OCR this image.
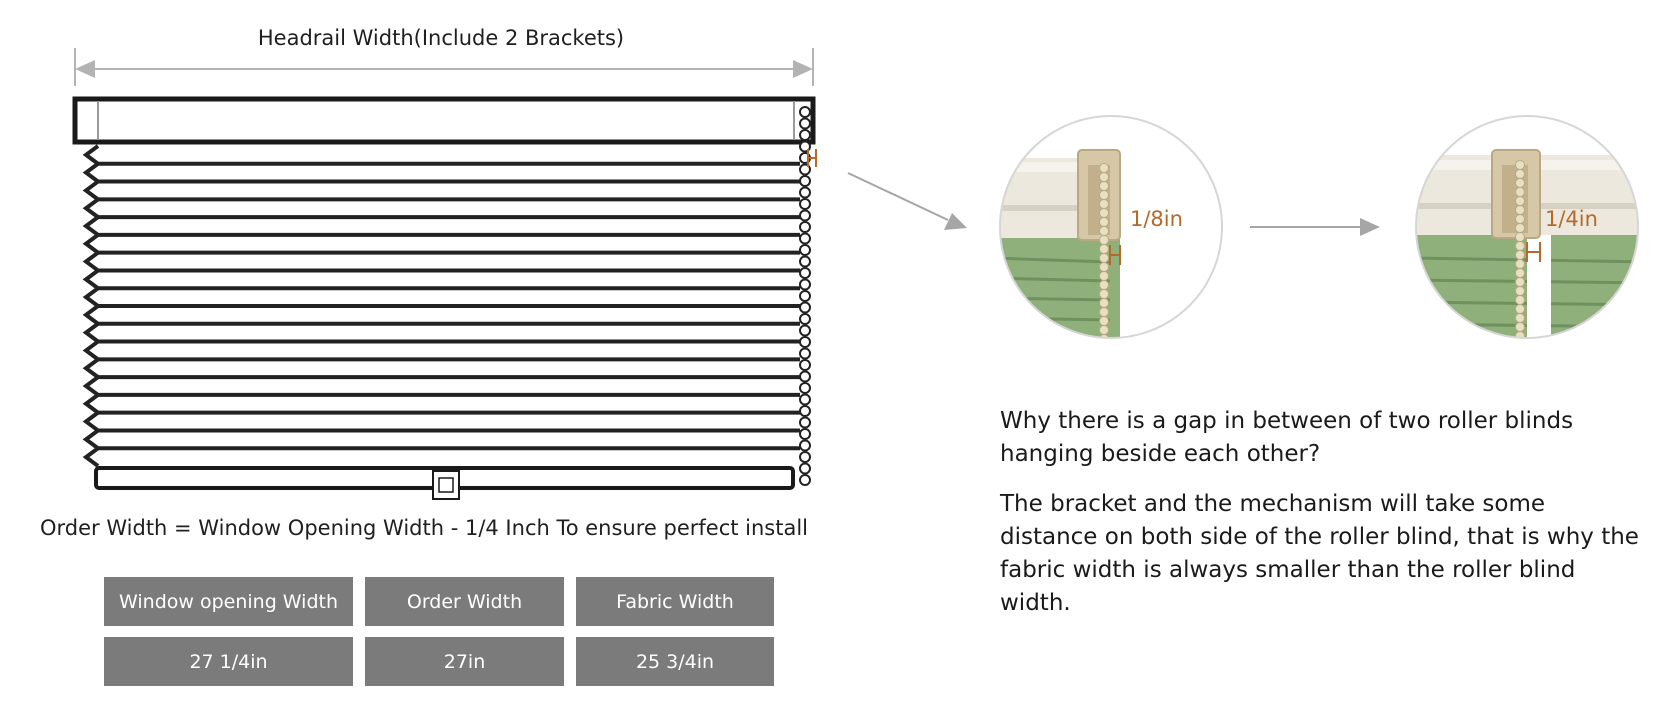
Headrail Width(Include 2 Brackets)
1/8in	1/4in
Order Width = Window Opening Width - 1/4 Inch To ensure perfect install
Window opening Width	Order Width	Fabric Width
27 1/4in	27in	25 3/4in
Why there is a gap in between of two roller blinds hanging beside each other?
The bracket and the mechanism will take some distance on both side of the roller blind, that is why the fabric width is always smaller than the roller blind width.
